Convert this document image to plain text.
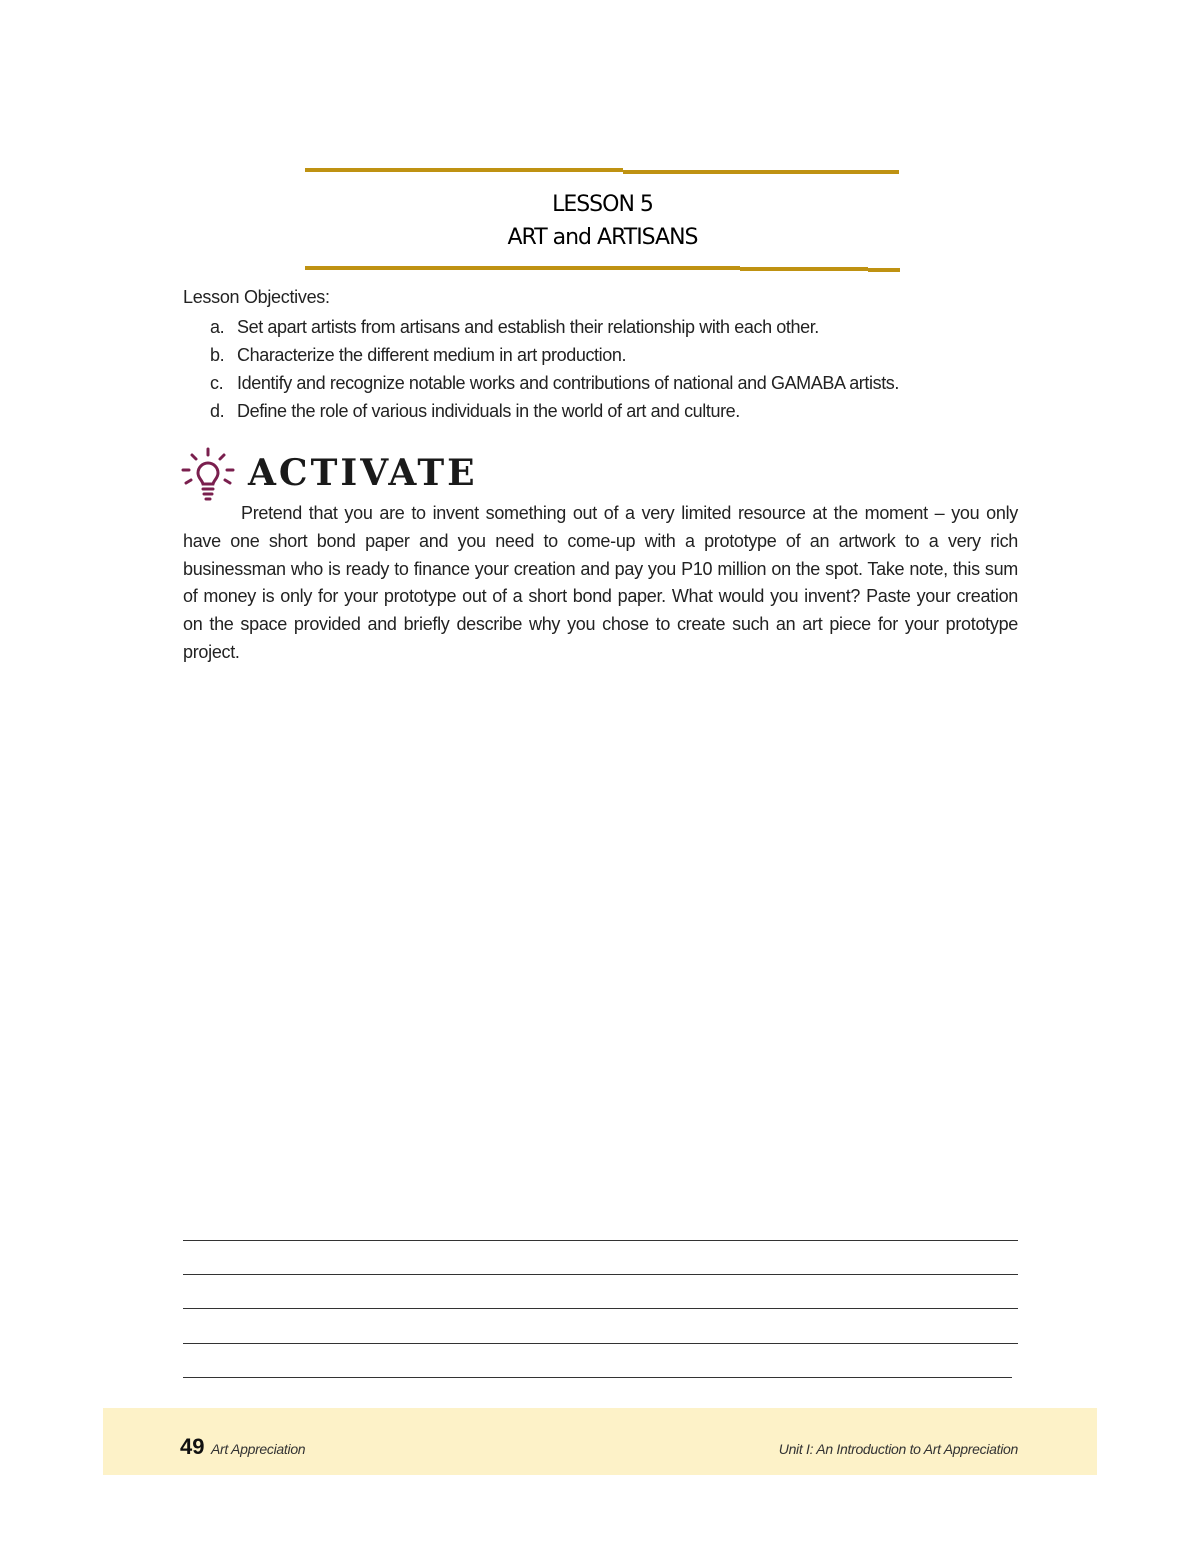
LESSON 5
ART and ARTISANS
Lesson Objectives:
a. Set apart artists from artisans and establish their relationship with each other.
b. Characterize the different medium in art production.
c. Identify and recognize notable works and contributions of national and GAMABA artists.
d. Define the role of various individuals in the world of art and culture.
ACTIVATE

Pretend that you are to invent something out of a very limited resource at the moment – you only have one short bond paper and you need to come-up with a prototype of an artwork to a very rich businessman who is ready to finance your creation and pay you P10 million on the spot. Take note, this sum of money is only for your prototype out of a short bond paper. What would you invent? Paste your creation on the space provided and briefly describe why you chose to create such an art piece for your prototype project.

49 Art Appreciation	Unit I: An Introduction to Art Appreciation
